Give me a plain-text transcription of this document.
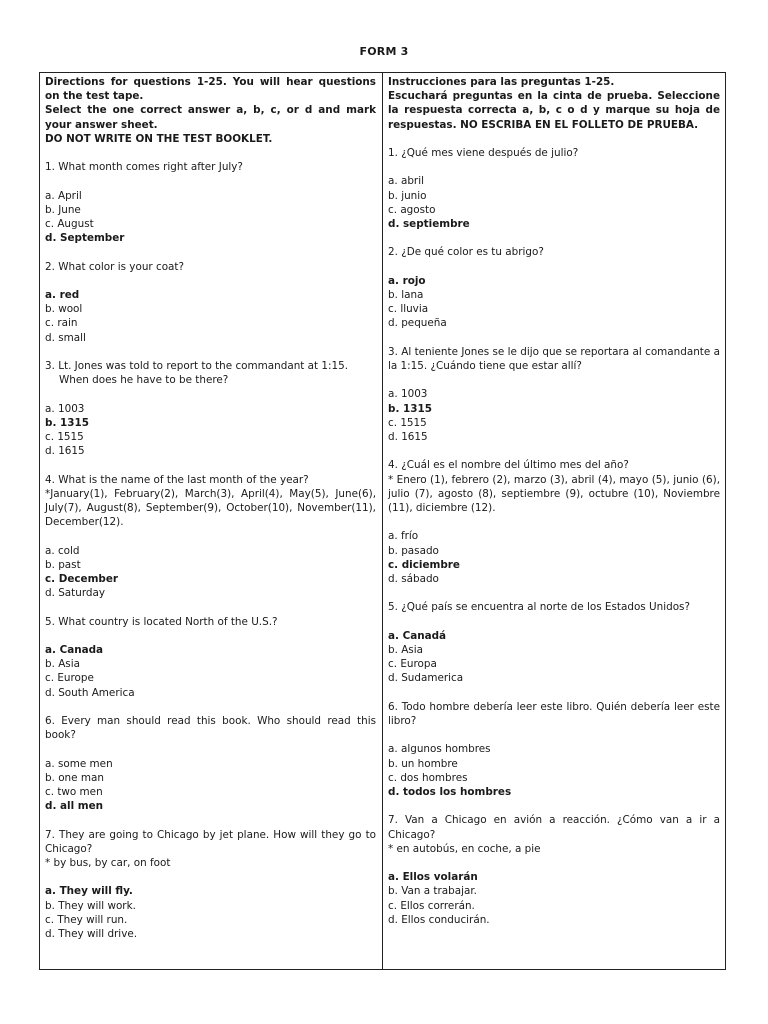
FORM 3
Directions for questions 1-25. You will hear questions on the test tape.
Select the one correct answer a, b, c, or d and mark your answer sheet.
DO NOT WRITE ON THE TEST BOOKLET.
1. What month comes right after July?
a. April
b. June
c. August
d. September
2. What color is your coat?
a. red
b. wool
c. rain
d. small
3. Lt. Jones was told to report to the commandant at 1:15.
When does he have to be there?
a. 1003
b. 1315
c. 1515
d. 1615
4. What is the name of the last month of the year?
*January(1), February(2), March(3), April(4), May(5), June(6), July(7), August(8), September(9), October(10), November(11), December(12).
a. cold
b. past
c. December
d. Saturday
5. What country is located North of the U.S.?
a. Canada
b. Asia
c. Europe
d. South America
6. Every man should read this book. Who should read this book?
a. some men
b. one man
c. two men
d. all men
7. They are going to Chicago by jet plane. How will they go to Chicago?
* by bus, by car, on foot
a. They will fly.
b. They will work.
c. They will run.
d. They will drive.
Instrucciones para las preguntas 1-25.
Escuchará preguntas en la cinta de prueba. Seleccione la respuesta correcta a, b, c o d y marque su hoja de respuestas. NO ESCRIBA EN EL FOLLETO DE PRUEBA.
1. ¿Qué mes viene después de julio?
a. abril
b. junio
c. agosto
d. septiembre
2. ¿De qué color es tu abrigo?
a. rojo
b. lana
c. lluvia
d. pequeña
3. Al teniente Jones se le dijo que se reportara al comandante a la 1:15. ¿Cuándo tiene que estar allí?
a. 1003
b. 1315
c. 1515
d. 1615
4. ¿Cuál es el nombre del último mes del año?
* Enero (1), febrero (2), marzo (3), abril (4), mayo (5), junio (6), julio (7), agosto (8), septiembre (9), octubre (10), Noviembre (11), diciembre (12).
a. frío
b. pasado
c. diciembre
d. sábado
5. ¿Qué país se encuentra al norte de los Estados Unidos?
a. Canadá
b. Asia
c. Europa
d. Sudamerica
6. Todo hombre debería leer este libro. Quién debería leer este libro?
a. algunos hombres
b. un hombre
c. dos hombres
d. todos los hombres
7. Van a Chicago en avión a reacción. ¿Cómo van a ir a Chicago?
* en autobús, en coche, a pie
a. Ellos volarán
b. Van a trabajar.
c. Ellos correrán.
d. Ellos conducirán.
